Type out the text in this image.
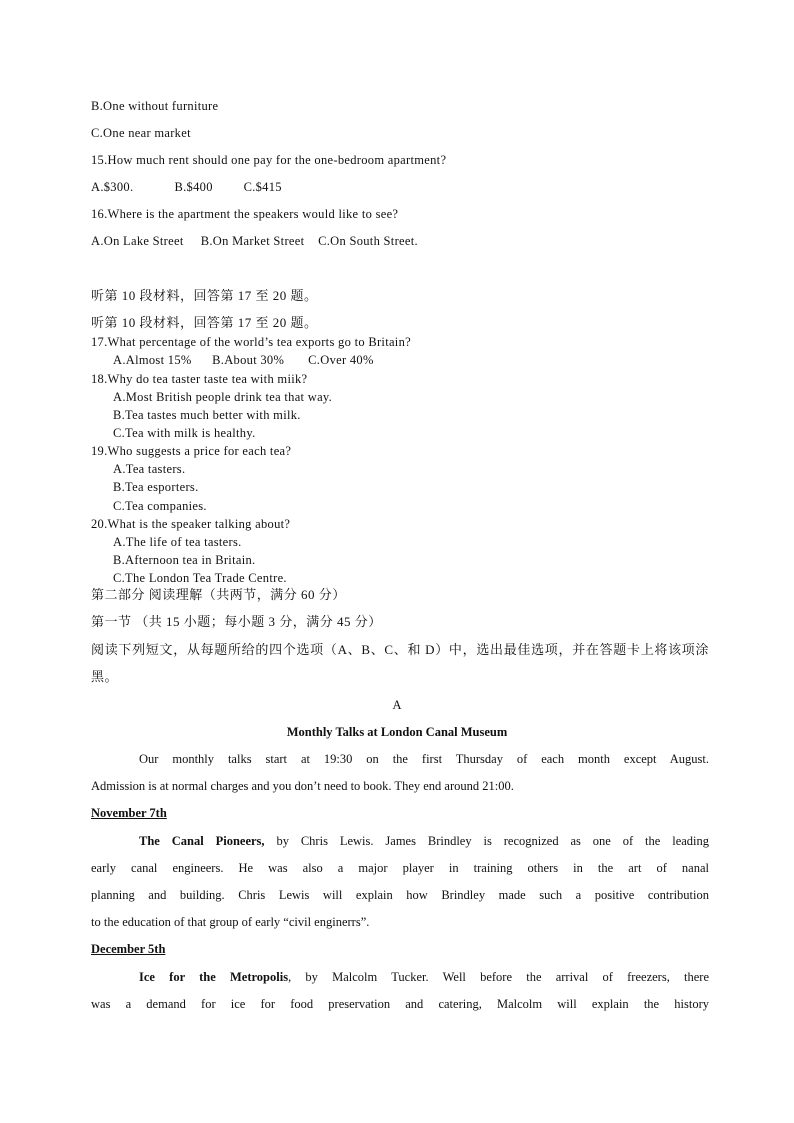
B.One without furniture
C.One near market
15.How much rent should one pay for the one-bedroom apartment?
A.$300.            B.$400         C.$415
16.Where is the apartment the speakers would like to see?
A.On Lake Street     B.On Market Street    C.On South Street.
听第 10 段材料，回答第 17 至 20 题。
听第 10 段材料，回答第 17 至 20 题。
17.What percentage of the world’s tea exports go to Britain?
A.Almost 15%      B.About 30%       C.Over 40%
18.Why do tea taster taste tea with miik?
A.Most British people drink tea that way.
B.Tea tastes much better with milk.
C.Tea with milk is healthy.
19.Who suggests a price for each tea?
A.Tea tasters.
B.Tea esporters.
C.Tea companies.
20.What is the speaker talking about?
A.The life of tea tasters.
B.Afternoon tea in Britain.
C.The London Tea Trade Centre.
第二部分 阅读理解（共两节，满分 60 分）
第一节 （共 15 小题；每小题 3 分，满分 45 分）
阅读下列短文，从每题所给的四个选项（A、B、C、和 D）中，选出最佳选项，并在答题卡上将该项涂
黑。
A
Monthly Talks at London Canal Museum
Our monthly talks start at 19:30 on the first Thursday of each month except August.
Admission is at normal charges and you don’t need to book. They end around 21:00.
November 7th
The Canal Pioneers, by Chris Lewis. James Brindley is recognized as one of the leading
early canal engineers. He was also a major player in training others in the art of nanal
planning and building. Chris Lewis will explain how Brindley made such a positive contribution
to the education of that group of early “civil enginerrs”.
December 5th
Ice for the Metropolis, by Malcolm Tucker. Well before the arrival of freezers, there
was a demand for ice for food preservation and catering, Malcolm will explain the history
